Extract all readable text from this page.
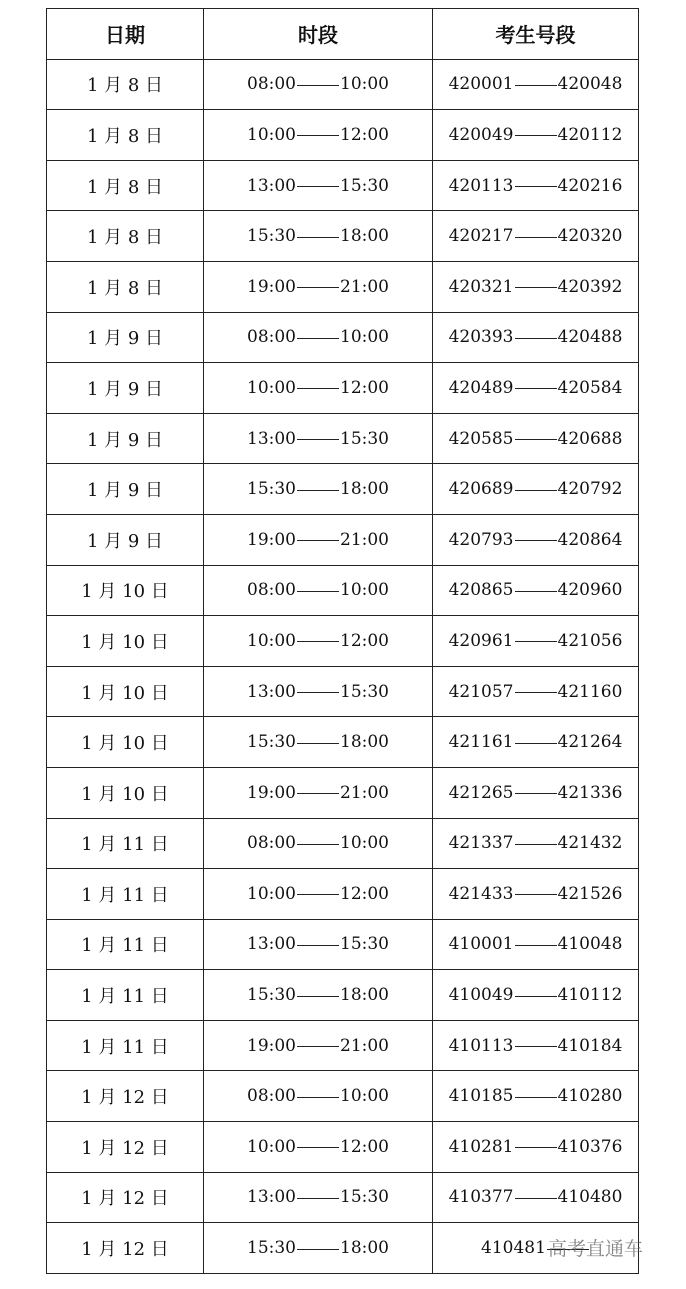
日期	时段	考生号段
1 月 8 日	08:00 10:00	420001 420048

1 月 8 日	10:00 12:00	420049 420112

1 月 8 日	13:00 15:30	420113 420216

1 月 8 日	15:30 18:00	420217 420320

1 月 8 日	19:00 21:00	420321 420392

1 月 9 日	08:00 10:00	420393 420488

1 月 9 日	10:00 12:00	420489 420584

1 月 9 日	13:00 15:30	420585 420688

1 月 9 日	15:30 18:00	420689 420792

1 月 9 日	19:00 21:00	420793 420864

1 月 10 日	08:00 10:00	420865 420960

1 月 10 日	10:00 12:00	420961 421056

1 月 10 日	13:00 15:30	421057 421160

1 月 10 日	15:30 18:00	421161 421264

1 月 10 日	19:00 21:00	421265 421336

1 月 11 日	08:00 10:00	421337 421432

1 月 11 日	10:00 12:00	421433 421526

1 月 11 日	13:00 15:30	410001 410048

1 月 11 日	15:30 18:00	410049 410112

1 月 11 日	19:00 21:00	410113 410184

1 月 12 日	08:00 10:00	410185 410280

1 月 12 日	10:00 12:00	410281 410376

1 月 12 日	13:00 15:30	410377 410480

1 月 12 日	15:30 18:00	410481 高考直通车
